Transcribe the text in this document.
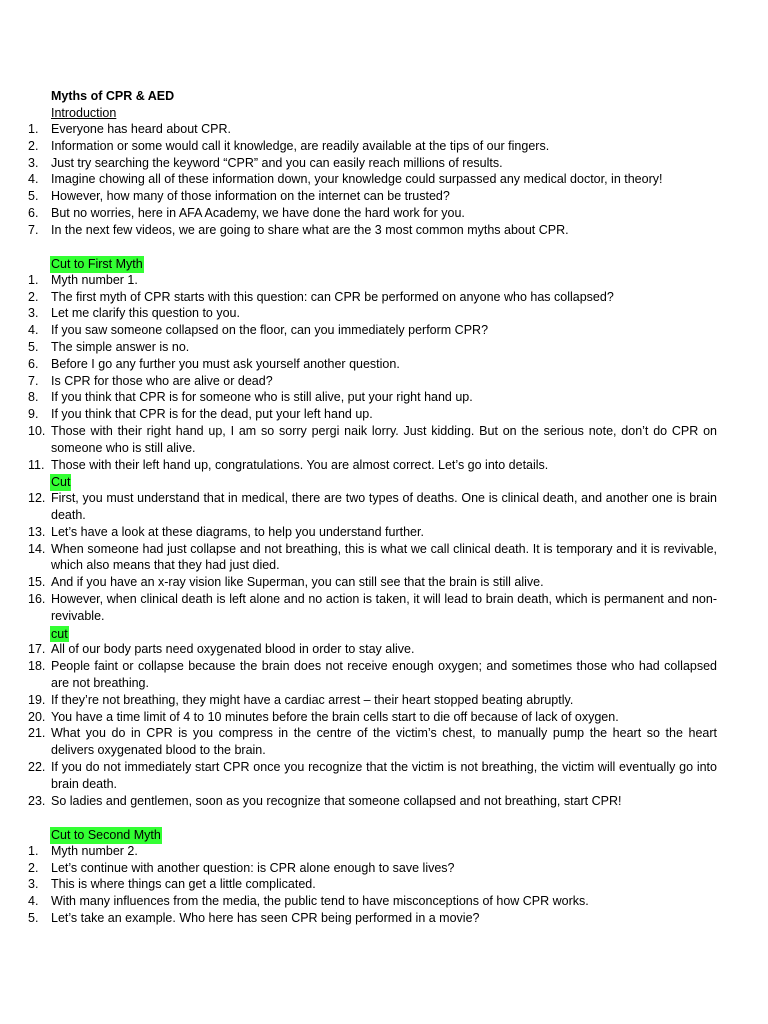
Myths of CPR & AED
Introduction
1.	Everyone has heard about CPR.
2.	Information or some would call it knowledge, are readily available at the tips of our fingers.
3.	Just try searching the keyword “CPR” and you can easily reach millions of results.
4.	Imagine chowing all of these information down, your knowledge could surpassed any medical doctor, in theory!
5.	However, how many of those information on the internet can be trusted?
6.	But no worries, here in AFA Academy, we have done the hard work for you.
7.	In the next few videos, we are going to share what are the 3 most common myths about CPR.
Cut to First Myth
1.	Myth number 1.
2.	The first myth of CPR starts with this question: can CPR be performed on anyone who has collapsed?
3.	Let me clarify this question to you.
4.	If you saw someone collapsed on the floor, can you immediately perform CPR?
5.	The simple answer is no.
6.	Before I go any further you must ask yourself another question.
7.	Is CPR for those who are alive or dead?
8.	If you think that CPR is for someone who is still alive, put your right hand up.
9.	If you think that CPR is for the dead, put your left hand up.
10. Those with their right hand up, I am so sorry pergi naik lorry. Just kidding. But on the serious note, don’t do CPR on someone who is still alive.
11. Those with their left hand up, congratulations. You are almost correct. Let’s go into details.
Cut
12. First, you must understand that in medical, there are two types of deaths. One is clinical death, and another one is brain death.
13. Let’s have a look at these diagrams, to help you understand further.
14. When someone had just collapse and not breathing, this is what we call clinical death. It is temporary and it is revivable, which also means that they had just died.
15. And if you have an x-ray vision like Superman, you can still see that the brain is still alive.
16. However, when clinical death is left alone and no action is taken, it will lead to brain death, which is permanent and non-revivable.
cut
17. All of our body parts need oxygenated blood in order to stay alive.
18. People faint or collapse because the brain does not receive enough oxygen; and sometimes those who had collapsed are not breathing.
19. If they’re not breathing, they might have a cardiac arrest – their heart stopped beating abruptly.
20. You have a time limit of 4 to 10 minutes before the brain cells start to die off because of lack of oxygen.
21. What you do in CPR is you compress in the centre of the victim’s chest, to manually pump the heart so the heart delivers oxygenated blood to the brain.
22. If you do not immediately start CPR once you recognize that the victim is not breathing, the victim will eventually go into brain death.
23. So ladies and gentlemen, soon as you recognize that someone collapsed and not breathing, start CPR!
Cut to Second Myth
1.	Myth number 2.
2.	Let’s continue with another question: is CPR alone enough to save lives?
3.	This is where things can get a little complicated.
4.	With many influences from the media, the public tend to have misconceptions of how CPR works.
5.	Let’s take an example. Who here has seen CPR being performed in a movie?
